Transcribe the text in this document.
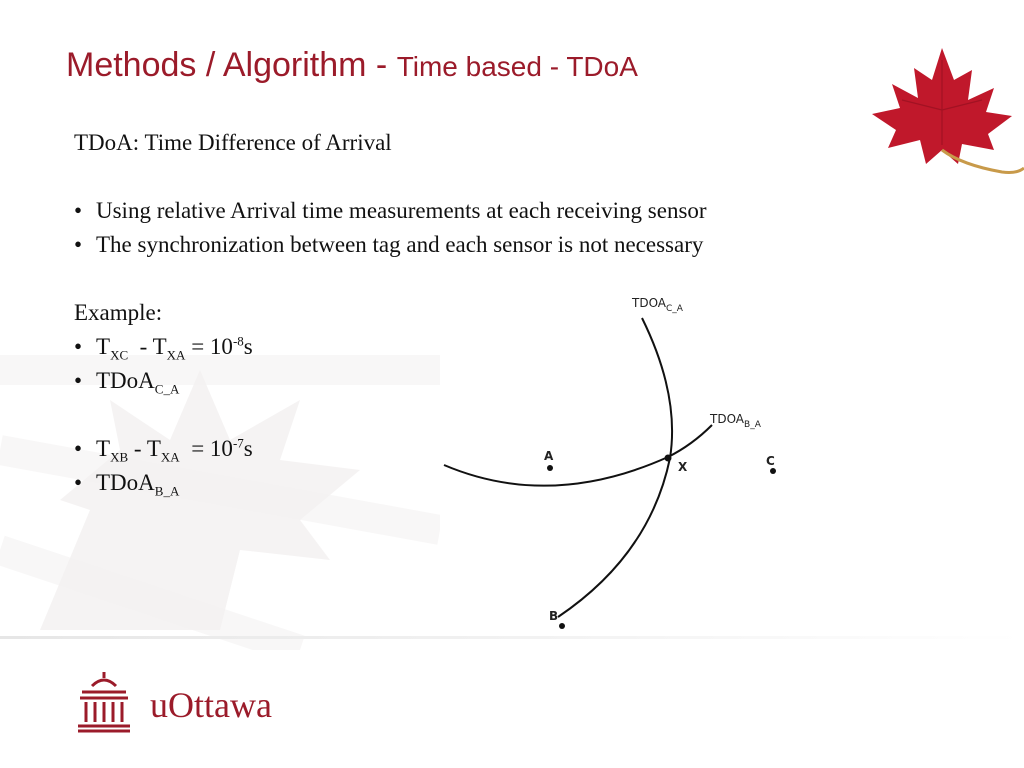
Methods / Algorithm - Time based - TDoA
TDoA: Time Difference of Arrival
• Using relative Arrival time measurements at each receiving sensor
• The synchronization between tag and each sensor is not necessary
Example:
• $T_{XC} - T_{XA} = 10^{-8}s$
• TDoA$_{C\_A}$
• $T_{XB} - T_{XA} = 10^{-7}s$
• TDoA$_{B\_A}$
$TDOA_{C\_A}$
$TDOA_{B\_A}$
A
B
C
X
uOttawa
